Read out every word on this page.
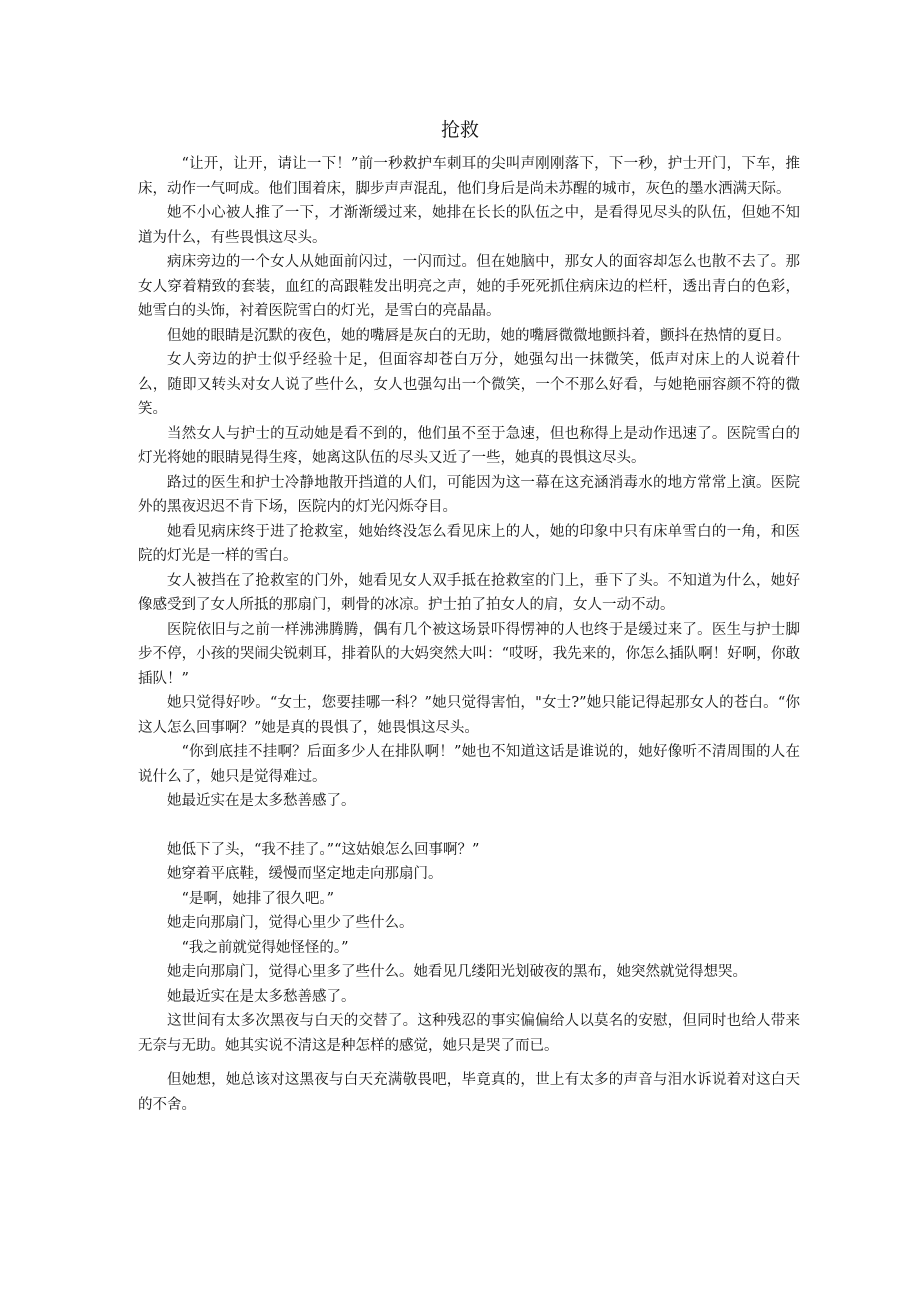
抢救

“让开，让开，请让一下！”前一秒救护车刺耳的尖叫声刚刚落下，下一秒，护士开门，下车，推床，动作一气呵成。他们围着床，脚步声声混乱，他们身后是尚未苏醒的城市，灰色的墨水洒满天际。

她不小心被人推了一下，才渐渐缓过来，她排在长长的队伍之中，是看得见尽头的队伍，但她不知道为什么，有些畏惧这尽头。

病床旁边的一个女人从她面前闪过，一闪而过。但在她脑中，那女人的面容却怎么也散不去了。那女人穿着精致的套装，血红的高跟鞋发出明亮之声，她的手死死抓住病床边的栏杆，透出青白的色彩，她雪白的头饰，衬着医院雪白的灯光，是雪白的亮晶晶。

但她的眼睛是沉默的夜色，她的嘴唇是灰白的无助，她的嘴唇微微地颤抖着，颤抖在热情的夏日。

女人旁边的护士似乎经验十足，但面容却苍白万分，她强勾出一抹微笑，低声对床上的人说着什么，随即又转头对女人说了些什么，女人也强勾出一个微笑，一个不那么好看，与她艳丽容颜不符的微笑。

当然女人与护士的互动她是看不到的，他们虽不至于急速，但也称得上是动作迅速了。医院雪白的灯光将她的眼睛晃得生疼，她离这队伍的尽头又近了一些，她真的畏惧这尽头。

路过的医生和护士冷静地散开挡道的人们，可能因为这一幕在这充涵消毒水的地方常常上演。医院外的黑夜迟迟不肯下场，医院内的灯光闪烁夺目。

她看见病床终于进了抢救室，她始终没怎么看见床上的人，她的印象中只有床单雪白的一角，和医院的灯光是一样的雪白。

女人被挡在了抢救室的门外，她看见女人双手抵在抢救室的门上，垂下了头。不知道为什么，她好像感受到了女人所抵的那扇门，刺骨的冰凉。护士拍了拍女人的肩，女人一动不动。

医院依旧与之前一样沸沸腾腾，偶有几个被这场景吓得愣神的人也终于是缓过来了。医生与护士脚步不停，小孩的哭闹尖锐刺耳，排着队的大妈突然大叫：“哎呀，我先来的，你怎么插队啊！好啊，你敢插队！”

她只觉得好吵。“女士，您要挂哪一科？”她只觉得害怕，"女士?”她只能记得起那女人的苍白。“你这人怎么回事啊？”她是真的畏惧了，她畏惧这尽头。

“你到底挂不挂啊？后面多少人在排队啊！”她也不知道这话是谁说的，她好像听不清周围的人在说什么了，她只是觉得难过。

她最近实在是太多愁善感了。

她低下了头，“我不挂了。”“这姑娘怎么回事啊？”

她穿着平底鞋，缓慢而坚定地走向那扇门。

“是啊，她排了很久吧。”

她走向那扇门，觉得心里少了些什么。

“我之前就觉得她怪怪的。”

她走向那扇门，觉得心里多了些什么。她看见几缕阳光划破夜的黑布，她突然就觉得想哭。

她最近实在是太多愁善感了。

这世间有太多次黑夜与白天的交替了。这种残忍的事实偏偏给人以莫名的安慰，但同时也给人带来无奈与无助。她其实说不清这是种怎样的感觉，她只是哭了而已。

但她想，她总该对这黑夜与白天充满敬畏吧，毕竟真的，世上有太多的声音与泪水诉说着对这白天的不舍。
